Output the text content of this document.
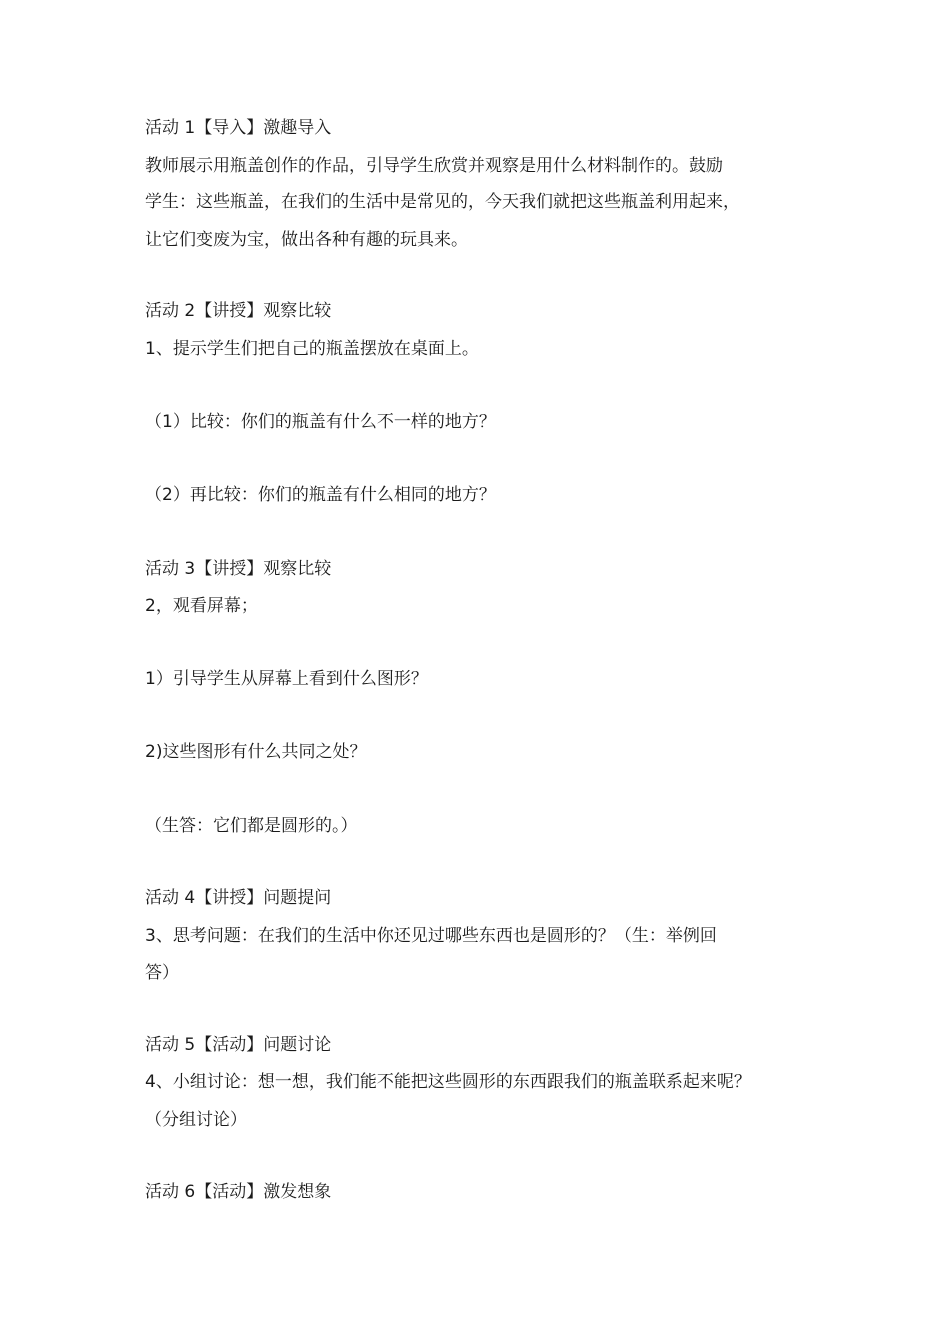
活动 1【导入】激趣导入
教师展示用瓶盖创作的作品，引导学生欣赏并观察是用什么材料制作的。鼓励
学生：这些瓶盖，在我们的生活中是常见的，今天我们就把这些瓶盖利用起来，
让它们变废为宝，做出各种有趣的玩具来。
活动 2【讲授】观察比较
1、提示学生们把自己的瓶盖摆放在桌面上。
（1）比较：你们的瓶盖有什么不一样的地方？
（2）再比较：你们的瓶盖有什么相同的地方？
活动 3【讲授】观察比较
2，观看屏幕；
1）引导学生从屏幕上看到什么图形？
2)这些图形有什么共同之处？
（生答：它们都是圆形的。）
活动 4【讲授】问题提问
3、思考问题：在我们的生活中你还见过哪些东西也是圆形的？（生：举例回
答）
活动 5【活动】问题讨论
4、小组讨论：想一想，我们能不能把这些圆形的东西跟我们的瓶盖联系起来呢？
（分组讨论）
活动 6【活动】激发想象
